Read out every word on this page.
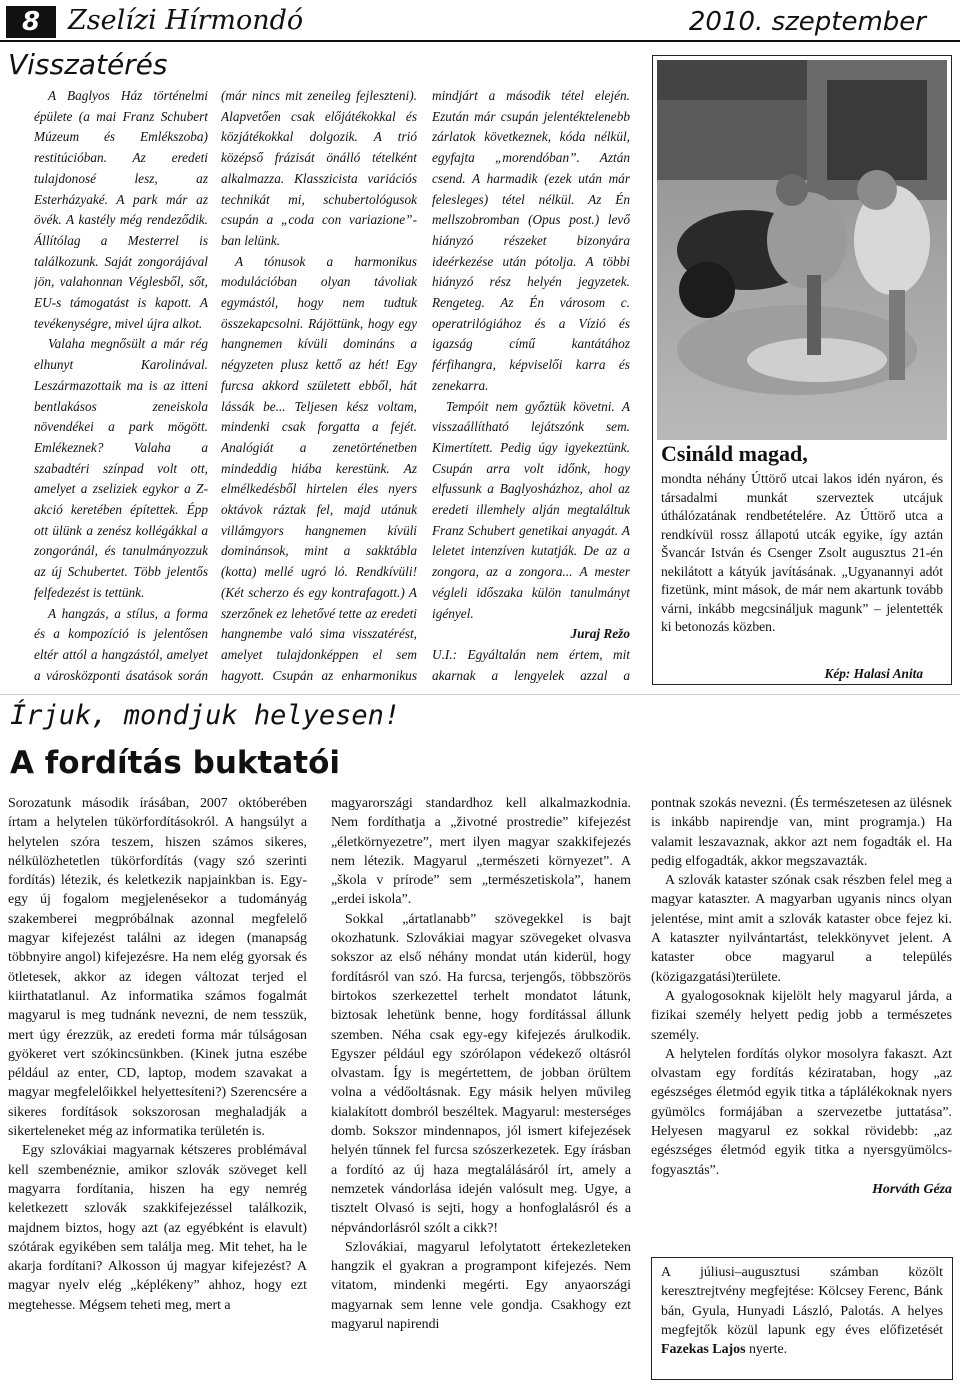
8	Zselízi Hírmondó	2010. szeptember
Visszatérés

A Baglyos Ház történelmi épülete (a mai Franz Schubert Múzeum és Emlékszoba) restitúcióban. Az eredeti tulajdonosé lesz, az Esterházyaké. A park már az övék. A kastély még rendeződik. Állítólag a Mesterrel is találkozunk. Saját zongorájával jön, valahonnan Véglesből, sőt, EU-s támogatást is kapott. A tevékenységre, mivel újra alkot.

Valaha megnősült a már rég elhunyt Karolinával. Leszármazottaik ma is az itteni bentlakásos zeneiskola növendékei a park mögött. Emlékeznek? Valaha a szabadtéri színpad volt ott, amelyet a zseliziek egykor a Z-akció keretében építettek. Épp ott ülünk a zenész kollégákkal a zongoránál, és tanulmányozzuk az új Schubertet. Több jelentős felfedezést is tettünk.

A hangzás, a stílus, a forma és a kompozíció is jelentősen eltér attól a hangzástól, amelyet a városközponti ásatások során

(már nincs mit zeneileg fejleszteni). Alapvetően csak előjátékokkal és közjátékokkal dolgozik. A trió középső frázisát önálló tételként alkalmazza. Klasszicista variációs technikát mi, schubertológusok csupán a „coda con variazione”-ban lelünk.

A tónusok a harmonikus modulációban olyan távoliak egymástól, hogy nem tudtuk összekapcsolni. Rájöttünk, hogy egy hangnemen kívüli domináns a négyzeten plusz kettő az hét! Egy furcsa akkord született ebből, hát lássák be... Teljesen kész voltam, mindenki csak forgatta a fejét. Analógiát a zenetörténetben mindeddig hiába kerestünk. Az elmélkedésből hirtelen éles nyers oktávok ráztak fel, majd utánuk villámgyors hangnemen kívüli dominánsok, mint a sakktábla (kotta) mellé ugró ló. Rendkívüli! (Két scherzo és egy kontrafagott.) A szerzőnek ez lehetővé tette az eredeti hangnembe való sima visszatérést, amelyet tulajdonképpen el sem hagyott. Csupán az enharmonikus

mindjárt a második tétel elején. Ezután már csupán jelentéktelenebb zárlatok következnek, kóda nélkül, egyfajta „morendóban”. Aztán csend. A harmadik (ezek után már felesleges) tétel nélkül. Az Én mellszobromban (Opus post.) levő hiányzó részeket bizonyára ideérkezése után pótolja. A többi hiányzó rész helyén jegyzetek. Rengeteg. Az Én városom c. operatrilógiához és a Vízió és igazság című kantátához férfihangra, képviselői karra és zenekarra.

Tempóit nem győztük követni. A visszaállítható lejátszónk sem. Kimertített. Pedig úgy igyekeztünk. Csupán arra volt időnk, hogy elfussunk a Baglyosházhoz, ahol az eredeti illemhely alján megtaláltuk Franz Schubert genetikai anyagát. A leletet intenzíven kutatják. De az a zongora, az a zongora... A mester végleli időszaka külön tanulmányt igényel.

Juraj Režo

U.I.: Egyáltalán nem értem, mit akarnak a lengyelek azzal a

Csináld magad,
mondta néhány Úttörő utcai lakos idén nyáron, és társadalmi munkát szerveztek utcájuk úthálózatának rendbetételére. Az Úttörő utca a rendkívül rossz állapotú utcák egyike, így aztán Švancár István és Csenger Zsolt augusztus 21-én nekilátott a kátyúk javításának. „Ugyanannyi adót fizetünk, mint mások, de már nem akartunk tovább várni, inkább megcsináljuk magunk” – jelentették ki betonozás közben.
Kép: Halasi Anita
Írjuk, mondjuk helyesen!
A fordítás buktatói

Sorozatunk második írásában, 2007 októberében írtam a helytelen tükörfordításokról. A hangsúlyt a helytelen szóra teszem, hiszen számos sikeres, nélkülözhetetlen tükörfordítás (vagy szó szerinti fordítás) létezik, és keletkezik napjainkban is. Egy-egy új fogalom megjelenésekor a tudományág szakemberei megpróbálnak azonnal megfelelő magyar kifejezést találni az idegen (manapság többnyire angol) kifejezésre. Ha nem elég gyorsak és ötletesek, akkor az idegen változat terjed el kiirthatatlanul. Az informatika számos fogalmát magyarul is meg tudnánk nevezni, de nem tesszük, mert úgy érezzük, az eredeti forma már túlságosan gyökeret vert szókincsünkben. (Kinek jutna eszébe például az enter, CD, laptop, modem szavakat a magyar megfelelőikkel helyettesíteni?) Szerencsére a sikeres fordítások sokszorosan meghaladják a sikerteleneket még az informatika területén is.

Egy szlovákiai magyarnak kétszeres problémával kell szembenéznie, amikor szlovák szöveget kell magyarra fordítania, hiszen ha egy nemrég keletkezett szlovák szakkifejezéssel találkozik, majdnem biztos, hogy azt (az egyébként is elavult) szótárak egyikében sem találja meg. Mit tehet, ha le akarja fordítani? Alkosson új magyar kifejezést? A magyar nyelv elég „képlékeny” ahhoz, hogy ezt megtehesse. Mégsem teheti meg, mert a

magyarországi standardhoz kell alkalmazkodnia. Nem fordíthatja a „životné prostredie” kifejezést „életkörnyezetre”, mert ilyen magyar szakkifejezés nem létezik. Magyarul „természeti környezet”. A „škola v prírode” sem „természetiskola”, hanem „erdei iskola”.

Sokkal „ártatlanabb” szövegekkel is bajt okozhatunk. Szlovákiai magyar szövegeket olvasva sokszor az első néhány mondat után kiderül, hogy fordításról van szó. Ha furcsa, terjengős, többszörös birtokos szerkezettel terhelt mondatot látunk, biztosak lehetünk benne, hogy fordítással állunk szemben. Néha csak egy-egy kifejezés árulkodik. Egyszer például egy szórólapon védekező oltásról olvastam. Így is megértettem, de jobban örültem volna a védőoltásnak. Egy másik helyen művileg kialakított dombról beszéltek. Magyarul: mesterséges domb. Sokszor mindennapos, jól ismert kifejezések helyén tűnnek fel furcsa szószerkezetek. Egy írásban a fordító az új haza megtalálásáról írt, amely a nemzetek vándorlása idején valósult meg. Ugye, a tisztelt Olvasó is sejti, hogy a honfoglalásról és a népvándorlásról szólt a cikk?!

Szlovákiai, magyarul lefolytatott értekezleteken hangzik el gyakran a programpont kifejezés. Nem vitatom, mindenki megérti. Egy anyaországi magyarnak sem lenne vele gondja. Csakhogy ezt magyarul napirendi

pontnak szokás nevezni. (És természetesen az ülésnek is inkább napirendje van, mint programja.) Ha valamit leszavaznak, akkor azt nem fogadták el. Ha pedig elfogadták, akkor megszavazták.

A szlovák kataster szónak csak részben felel meg a magyar kataszter. A magyarban ugyanis nincs olyan jelentése, mint amit a szlovák kataster obce fejez ki. A kataszter nyilvántartást, telekkönyvet jelent. A kataster obce magyarul a település (közigazgatási)területe.

A gyalogosoknak kijelölt hely magyarul járda, a fizikai személy helyett pedig jobb a természetes személy.

A helytelen fordítás olykor mosolyra fakaszt. Azt olvastam egy fordítás kézirataban, hogy „az egészséges életmód egyik titka a táplálékoknak nyers gyümölcs formájában a szervezetbe juttatása”. Helyesen magyarul ez sokkal rövidebb: „az egészséges életmód egyik titka a nyersgyümölcs-fogyasztás”.

Horváth Géza
A júliusi–augusztusi számban közölt keresztrejtvény megfejtése: Kölcsey Ferenc, Bánk bán, Gyula, Hunyadi László, Palotás. A helyes megfejtők közül lapunk egy éves előfizetését Fazekas Lajos nyerte.
